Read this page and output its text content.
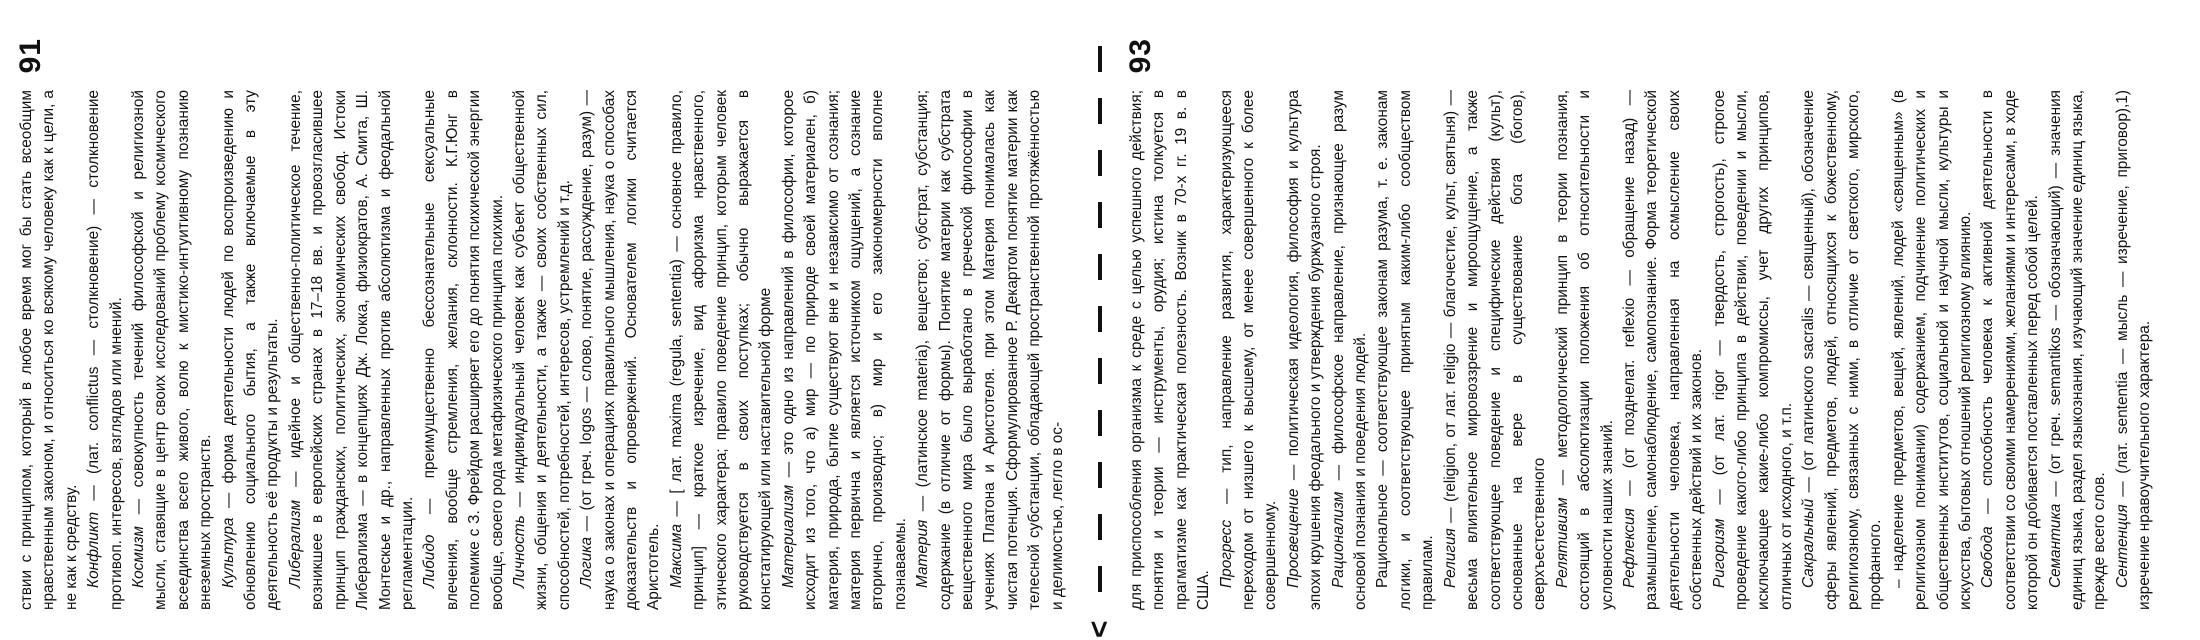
91

ствии с принципом, который в любое время мог бы стать всеобщим нравственным законом, и относиться ко всякому человеку как к цели, а не как к средству. Конфликт — (лат. conflictus — столкновение) — столкновение противоп. интересов, взглядов или мнений. Космизм — совокупность течений философской и религиозной мысли, ставящие в центр своих исследований проблему космического всеединства всего живого, волю к мистико-интуитивному познанию внеземных пространств. Культура — форма деятельности людей по воспроизведению и обновлению социального бытия, а также включаемые в эту деятельность её продукты и результаты. Либерализм — идейное и общественно-политическое течение, возникшее в европейских странах в 17–18 вв. и провозгласившее принцип гражданских, политических, экономических свобод. Истоки Либерализма — в концепциях Дж. Локка, физиократов, А. Смита, Ш. Монтескье и др., направленных против абсолютизма и феодальной регламентации. Либидо — преимущественно бессознательные сексуальные влечения, вообще стремления, желания, склонности. К.Г.Юнг в полемике с З. Фрейдом расширяет его до понятия психической энергии вообще, своего рода метафизического принципа психики. Личность — индивидуальный человек как субъект общественной жизни, общения и деятельности, а также — своих собственных сил, способностей, потребностей, интересов, устремлений и т.д. Логика — (от греч. logos — слово, понятие, рассуждение, разум) — наука о законах и операциях правильного мышления, наука о способах доказательств и опровержений. Основателем логики считается Аристотель. Максима — [ лат. maxima (regula, sententia) — основное правило, принцип] — краткое изречение, вид афоризма нравственного, этического характера; правило поведение принцип, которым человек руководствуется в своих поступках; обычно выражается в констатирующей или наставительной форме Материализм — это одно из направлений в философии, которое исходит из того, что а) мир — по природе своей материален, б) материя, природа, бытие существуют вне и независимо от сознания; материя первична и является источником ощущений, а сознание вторично, производно; в) мир и его закономерности вполне познаваемы. Материя — (латинское materia), вещество; субстрат, субстанция; содержание (в отличие от формы). Понятие материи как субстрата вещественного мира было выработано в греческой философии в учениях Платона и Аристотеля. при этом Материя понималась как чистая потенция. Сформулированное Р. Декартом понятие материи как телесной субстанции, обладающей пространственной протяжённостью и делимостью, легло в ос-

<
93

для приспособления организма к среде с целью успешного действия; понятия и теории — инструменты, орудия; истина толкуется в прагматизме как практическая полезность. Возник в 70-х гг. 19 в. в США.

Прогресс — тип, направление развития, характеризующееся переходом от низшего к высшему, от менее совершенного к более совершенному. Просвещение — политическая идеология, философия и культура эпохи крушения феодального и утверждения буржуазного строя. Рационализм — философское направление, признающее разум основой познания и поведения людей. Рациональное — соответствующее законам разума, т. е. законам логики, и соответствующее принятым каким-либо сообществом правилам. Религия — (religion, от лат. religio — благочестие, культ, святыня) — весьма влиятельное мировоззрение и мироощущение, а также соответствующее поведение и специфические действия (культ), основанные на вере в существование бога (богов), сверхъестественного Релятивизм — методологический принцип в теории познания, состоящий в абсолютизации положения об относительности и условности наших знаний. Рефлексия — (от позднелат. reflexio — обращение назад) — размышление, самонаблюдение, самопознание. Форма теоретической деятельности человека, направленная на осмысление своих собственных действий и их законов. Ригоризм — (от лат. rigor — твердость, строгость), строгое проведение какого-либо принципа в действии, поведении и мысли, исключающее какие-либо компромиссы, учет других принципов, отличных от исходного, и т.п. Сакральный — (от латинского sacralis — священный), обозначение сферы явлений, предметов, людей, относящихся к божественному, религиозному, связанных с ними, в отличие от светского, мирского, профанного. – наделение предметов, вещей, явлений, людей «священным» (в религиозном понимании) содержанием, подчинение политических и общественных институтов, социальной и научной мысли, культуры и искусства, бытовых отношений религиозному влиянию. Свобода — способность человека к активной деятельности в соответствии со своими намерениями, желаниями и интересами, в ходе которой он добивается поставленных перед собой целей. Семантика — (от греч. semantikos — обозначающий) — значения единиц языка, раздел языкознания, изучающий значение единиц языка, прежде всего слов. Сентенция — (лат. sententia — мысль — изречение, приговор),1) изречение нравоучительного характера.
